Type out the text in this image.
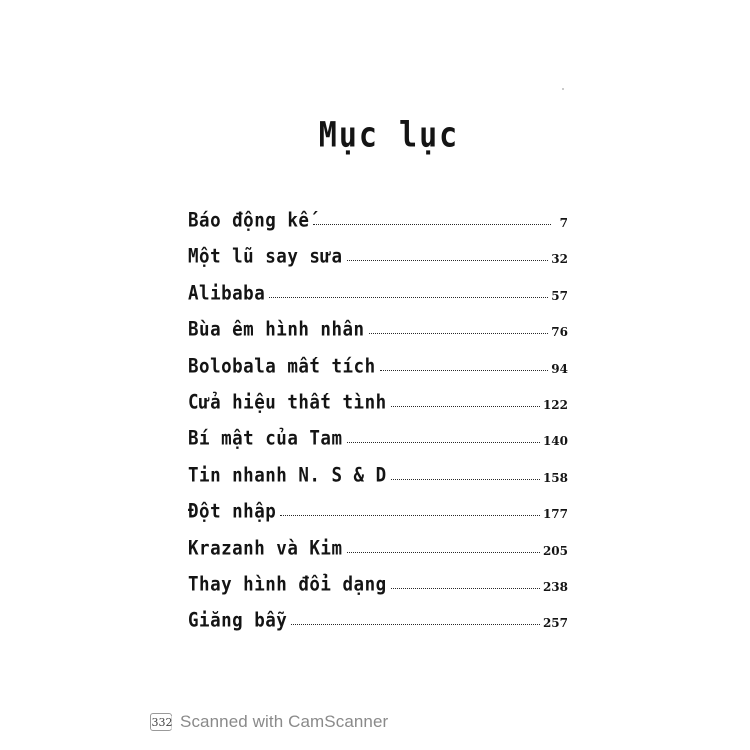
Mục lục
Báo động kế	7
Một lũ say sưa	32
Alibaba	57
Bùa êm hình nhân	76
Bolobala mất tích	94
Cửa hiệu thất tình	122
Bí mật của Tam	140
Tin nhanh N. S & D	158
Đột nhập	177
Krazanh và Kim	205
Thay hình đổi dạng	238
Giăng bẫy	257
332 Scanned with CamScanner
